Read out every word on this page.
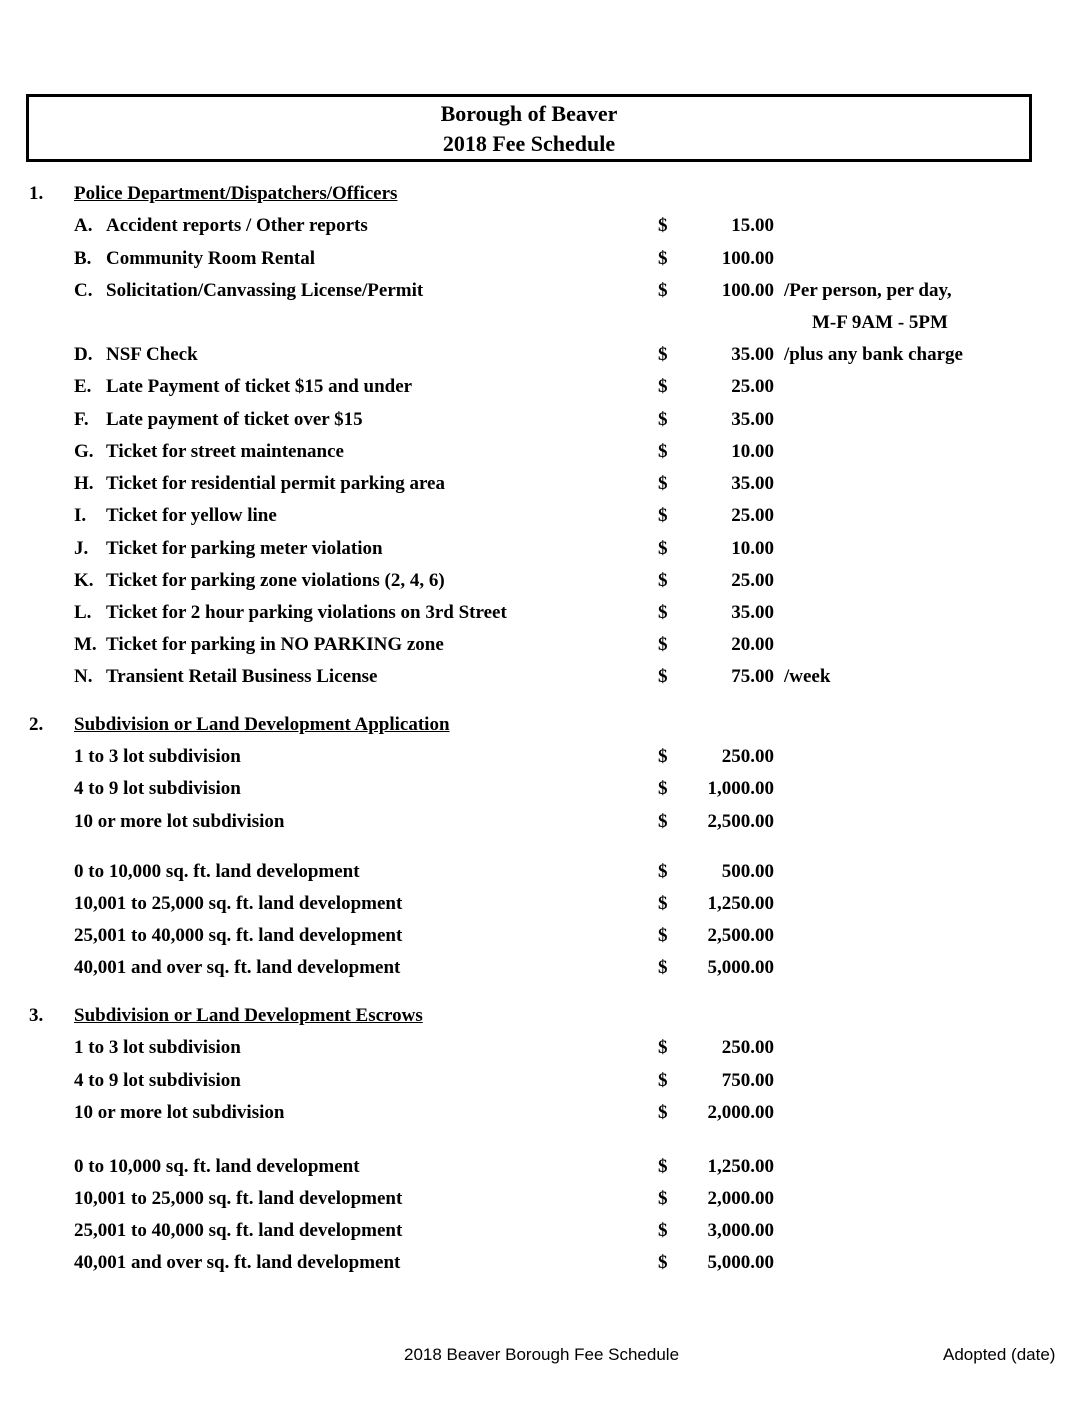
Borough of Beaver
2018 Fee Schedule
1. Police Department/Dispatchers/Officers
A. Accident reports / Other reports	$	15.00
B. Community Room Rental	$	100.00
C. Solicitation/Canvassing License/Permit	$	100.00 /Per person, per day,
M-F 9AM - 5PM
D. NSF Check	$	35.00 /plus any bank charge
E. Late Payment of ticket $15 and under	$	25.00
F. Late payment of ticket over $15	$	35.00
G. Ticket for street maintenance	$	10.00
H. Ticket for residential permit parking area	$	35.00
I. Ticket for yellow line	$	25.00
J. Ticket for parking meter violation	$	10.00
K. Ticket for parking zone violations (2, 4, 6)	$	25.00
L. Ticket for 2 hour parking violations on 3rd Street	$	35.00
M. Ticket for parking in NO PARKING zone	$	20.00
N. Transient Retail Business License	$	75.00 /week
2. Subdivision or Land Development Application
1 to 3 lot subdivision	$	250.00
4 to 9 lot subdivision	$	1,000.00
10 or more lot subdivision	$	2,500.00
0 to 10,000 sq. ft. land development	$	500.00
10,001 to 25,000 sq. ft. land development	$	1,250.00
25,001 to 40,000 sq. ft. land development	$	2,500.00
40,001 and over sq. ft. land development	$	5,000.00
3. Subdivision or Land Development Escrows
1 to 3 lot subdivision	$	250.00
4 to 9 lot subdivision	$	750.00
10 or more lot subdivision	$	2,000.00
0 to 10,000 sq. ft. land development	$	1,250.00
10,001 to 25,000 sq. ft. land development	$	2,000.00
25,001 to 40,000 sq. ft. land development	$	3,000.00
40,001 and over sq. ft. land development	$	5,000.00
2018 Beaver Borough Fee Schedule	Adopted (date)
